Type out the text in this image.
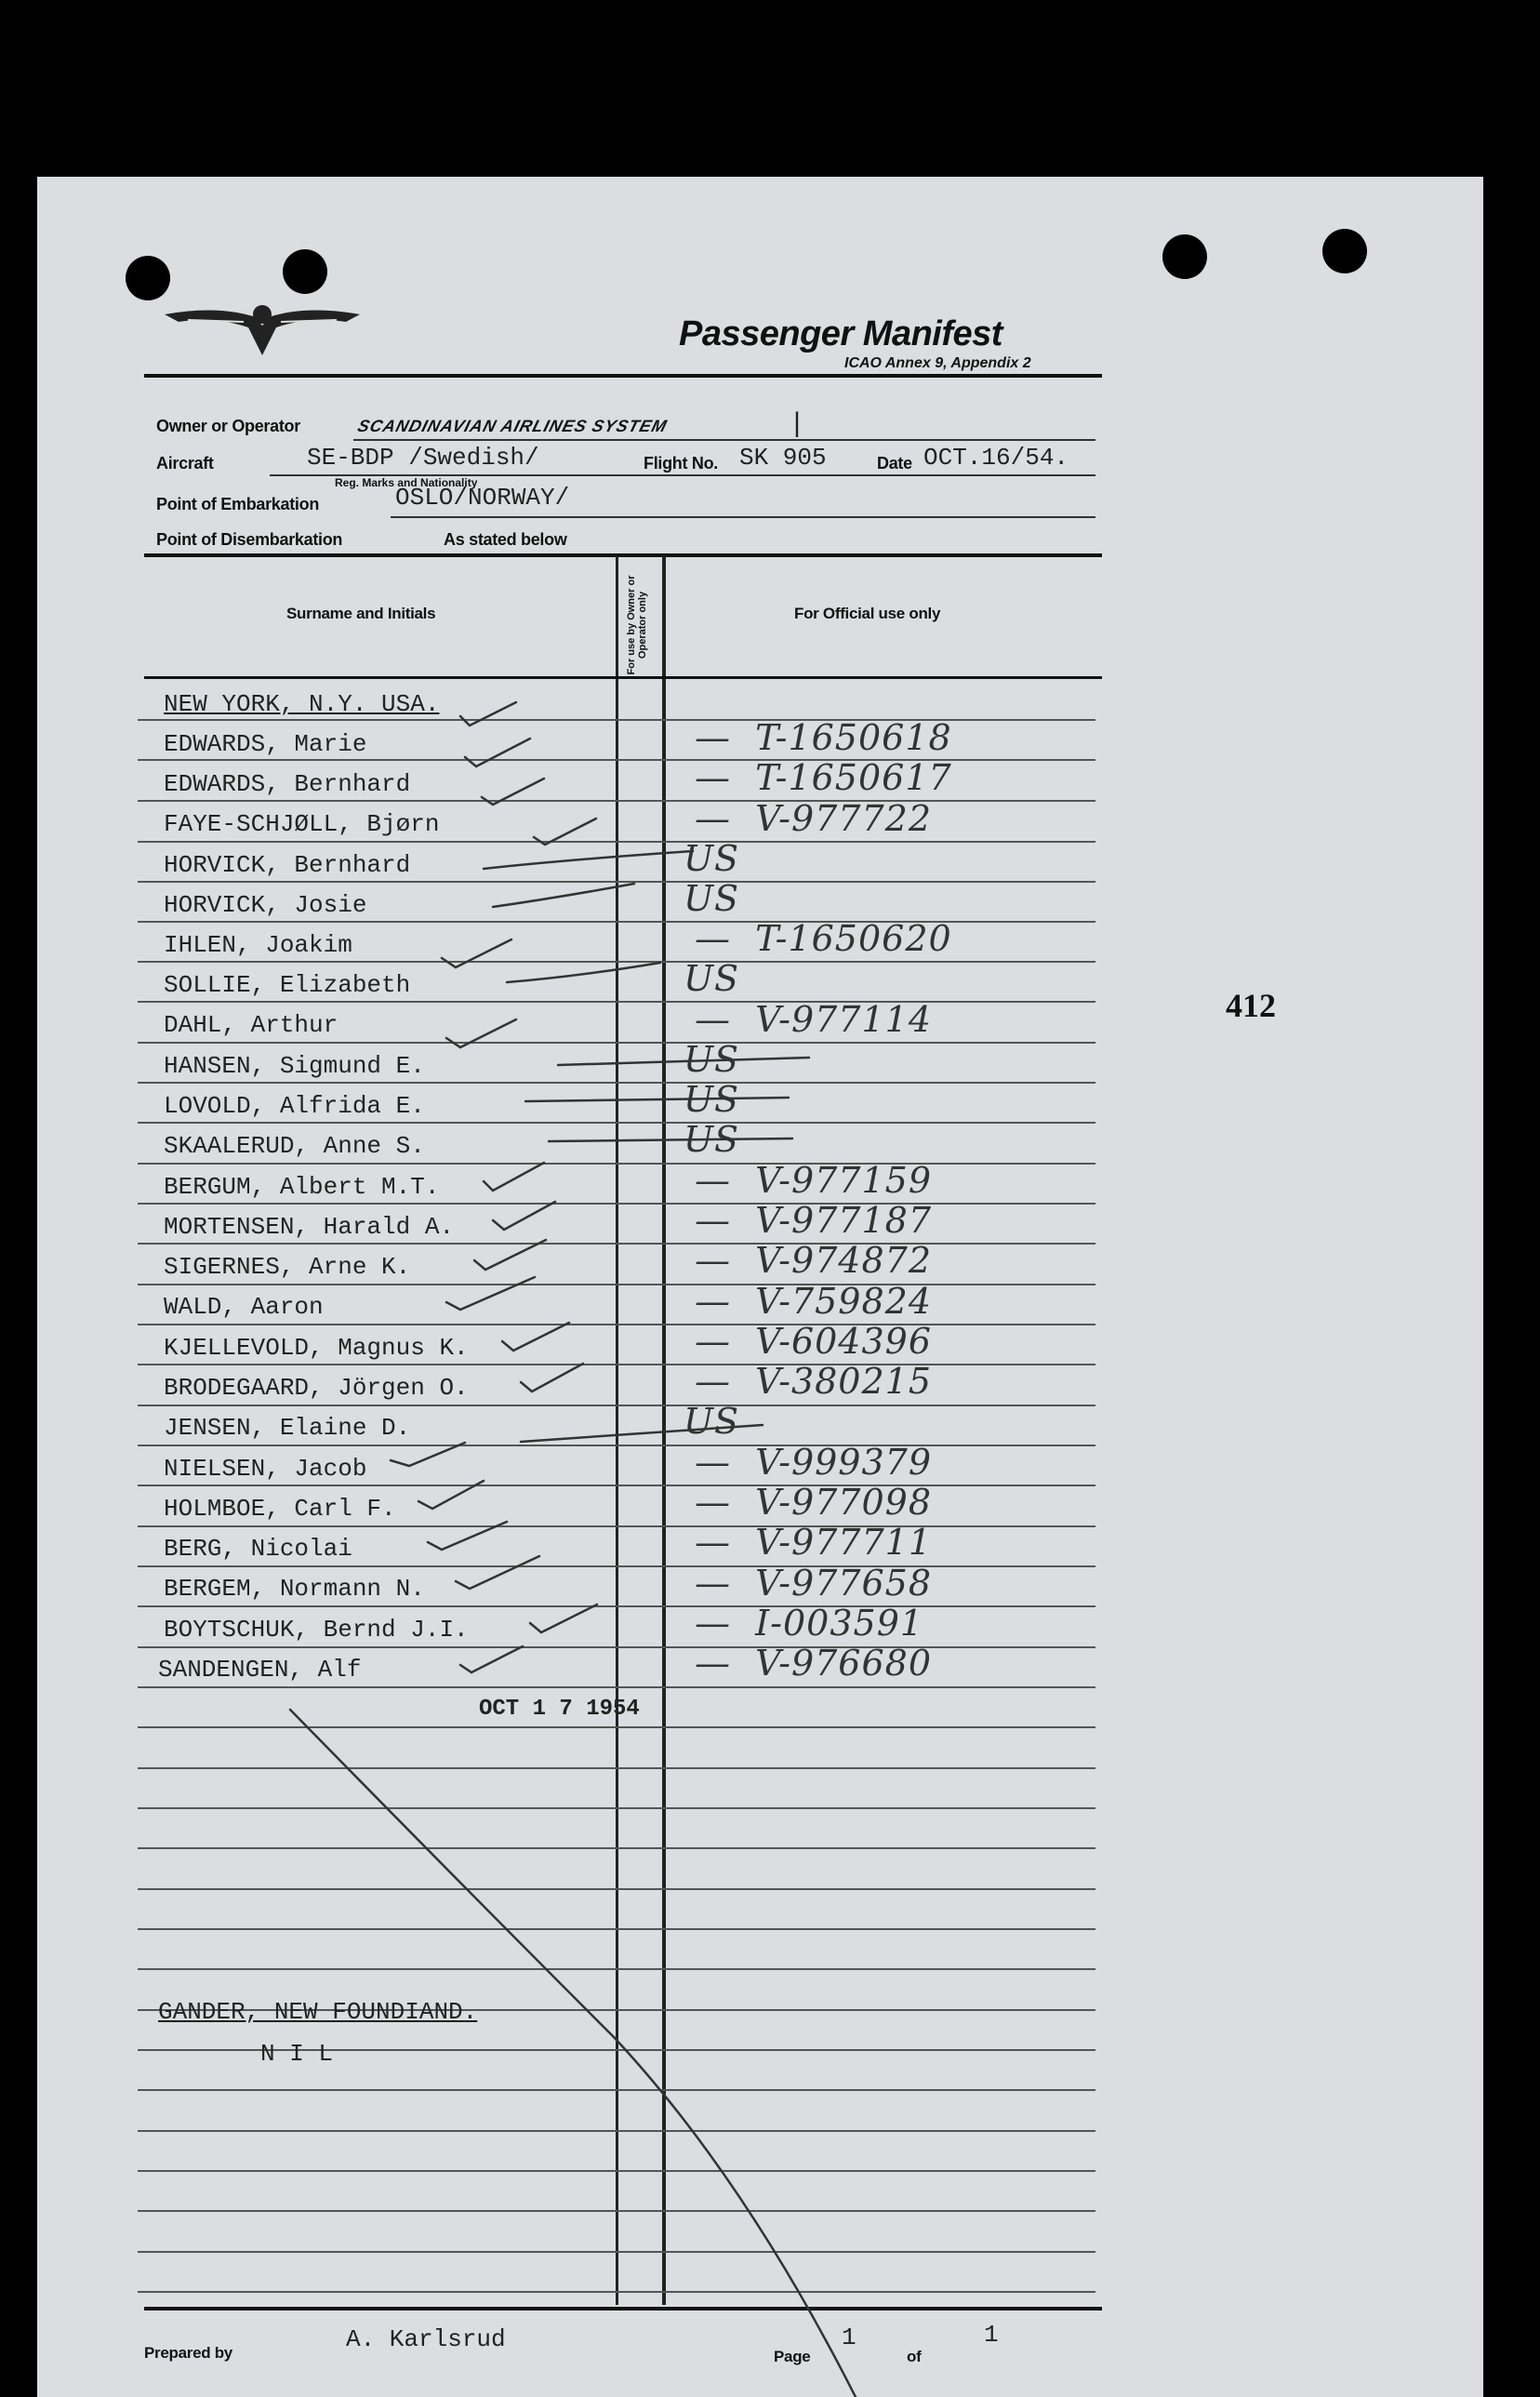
Passenger Manifest
ICAO Annex 9, Appendix 2
Owner or Operator	SCANDINAVIAN AIRLINES SYSTEM	|
Aircraft	SE-BDP /Swedish/
Reg. Marks and Nationality
Flight No. SK 905	Date OCT.16/54.
Point of Embarkation	OSLO/NORWAY/
Point of Disembarkation	As stated below
Surname and Initials	For use by Owner or Operator only	For Official use only
NEW YORK, N.Y. USA.
EDWARDS, Marie	—  T-1650618
EDWARDS, Bernhard	—  T-1650617
FAYE-SCHJØLL, Bjørn	—  V-977722
HORVICK, Bernhard	US
HORVICK, Josie	US
IHLEN, Joakim	—  T-1650620
SOLLIE, Elizabeth	US
DAHL, Arthur	—  V-977114
HANSEN, Sigmund E.	US
LOVOLD, Alfrida E.	US
SKAALERUD, Anne S.	US
BERGUM, Albert M.T.	—  V-977159
MORTENSEN, Harald A.	—  V-977187
SIGERNES, Arne K.	—  V-974872
WALD, Aaron	—  V-759824
KJELLEVOLD, Magnus K.	—  V-604396
BRODEGAARD, Jörgen O.	—  V-380215
JENSEN, Elaine D.	US
NIELSEN, Jacob	—  V-999379
HOLMBOE, Carl F.	—  V-977098
BERG, Nicolai	—  V-977711
BERGEM, Normann N.	—  V-977658
BOYTSCHUK, Bernd J.I.	—  I-003591
SANDENGEN, Alf	—  V-976680
OCT 1 7 1954
GANDER, NEW FOUNDIAND.
N I L
Prepared by	A. Karlsrud
Page
1
of
1
412
